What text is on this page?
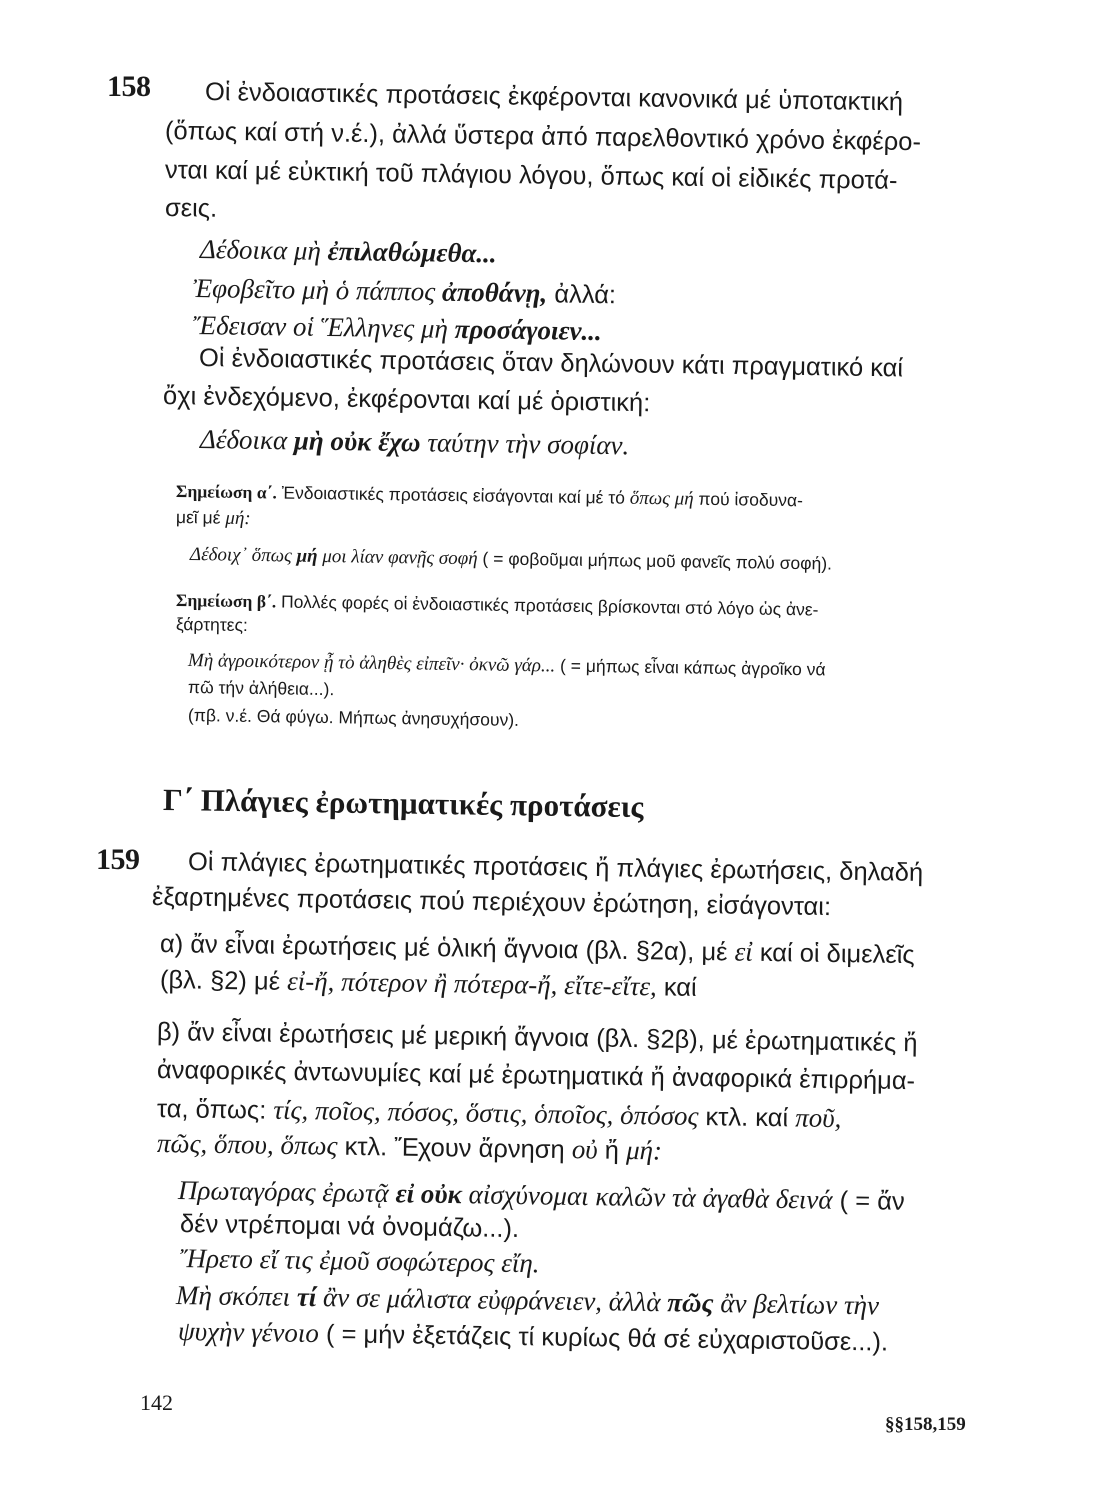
158 Οἱ ἐνδοιαστικές προτάσεις ἐκφέρονται κανονικά μέ ὑποτακτική
(ὅπως καί στή ν.έ.), ἀλλά ὕστερα ἀπό παρελθοντικό χρόνο ἐκφέρο-
νται καί μέ εὐκτική τοῦ πλάγιου λόγου, ὅπως καί οἱ εἰδικές προτά-
σεις.
Δέδοικα μὴ ἐπιλαθώμεθα...
Ἐφοβεῖτο μὴ ὁ πάππος ἀποθάνῃ, ἀλλά:
Ἔδεισαν οἱ Ἕλληνες μὴ προσάγοιεν...
Οἱ ἐνδοιαστικές προτάσεις ὅταν δηλώνουν κάτι πραγματικό καί
ὄχι ἐνδεχόμενο, ἐκφέρονται καί μέ ὁριστική:
Δέδοικα μὴ οὐκ ἔχω ταύτην τὴν σοφίαν.
Σημείωση α΄. Ἐνδοιαστικές προτάσεις εἰσάγονται καί μέ τό ὅπως μή πού ἰσοδυνα-
μεῖ μέ μή:
Δέδοιχ᾽ ὅπως μή μοι λίαν φανῇς σοφή ( = φοβοῦμαι μήπως μοῦ φανεῖς πολύ σοφή).
Σημείωση β΄. Πολλές φορές οἱ ἐνδοιαστικές προτάσεις βρίσκονται στό λόγο ὡς ἀνε-
ξάρτητες:
Μὴ ἀγροικότερον ᾖ τὸ ἀληθὲς εἰπεῖν· ὀκνῶ γάρ... ( = μήπως εἶναι κάπως ἀγροῖκο νά
πῶ τήν ἀλήθεια...).
(πβ. ν.έ. Θά φύγω. Μήπως ἀνησυχήσουν).
Γ΄ Πλάγιες ἐρωτηματικές προτάσεις
159 Οἱ πλάγιες ἐρωτηματικές προτάσεις ἤ πλάγιες ἐρωτήσεις, δηλαδή
ἐξαρτημένες προτάσεις πού περιέχουν ἐρώτηση, εἰσάγονται:
α) ἄν εἶναι ἐρωτήσεις μέ ὁλική ἄγνοια (βλ. §2α), μέ εἰ καί οἱ διμελεῖς
(βλ. §2) μέ εἰ-ἤ, πότερον ἢ πότερα-ἤ, εἴτε-εἴτε, καί
β) ἄν εἶναι ἐρωτήσεις μέ μερική ἄγνοια (βλ. §2β), μέ ἐρωτηματικές ἤ
ἀναφορικές ἀντωνυμίες καί μέ ἐρωτηματικά ἤ ἀναφορικά ἐπιρρήμα-
τα, ὅπως: τίς, ποῖος, πόσος, ὅστις, ὁποῖος, ὁπόσος κτλ. καί ποῦ,
πῶς, ὅπου, ὅπως κτλ. Ἔχουν ἄρνηση οὐ ἤ μή:
Πρωταγόρας ἐρωτᾷ εἰ οὐκ αἰσχύνομαι καλῶν τὰ ἀγαθὰ δεινά ( = ἄν
δέν ντρέπομαι νά ὀνομάζω...).
Ἤρετο εἴ τις ἐμοῦ σοφώτερος εἴη.
Μὴ σκόπει τί ἂν σε μάλιστα εὐφράνειεν, ἀλλὰ πῶς ἂν βελτίων τὴν
ψυχὴν γένοιο ( = μήν ἐξετάζεις τί κυρίως θά σέ εὐχαριστοῦσε...).
142
§§158,159
